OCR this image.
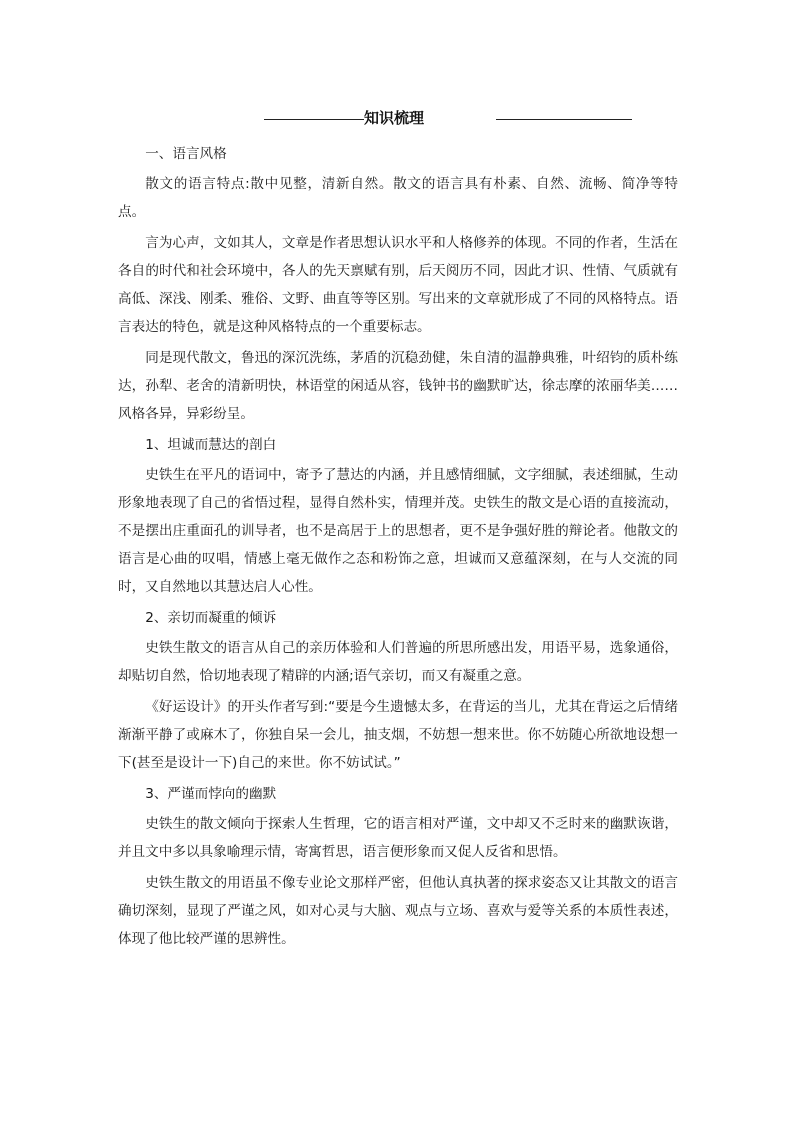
知识梳理
一、语言风格

散文的语言特点:散中见整，清新自然。散文的语言具有朴素、自然、流畅、简净等特点。

言为心声，文如其人，文章是作者思想认识水平和人格修养的体现。不同的作者，生活在各自的时代和社会环境中，各人的先天禀赋有别，后天阅历不同，因此才识、性情、气质就有高低、深浅、刚柔、雅俗、文野、曲直等等区别。写出来的文章就形成了不同的风格特点。语言表达的特色，就是这种风格特点的一个重要标志。

同是现代散文，鲁迅的深沉洗练，茅盾的沉稳劲健，朱自清的温静典雅，叶绍钧的质朴练达，孙犁、老舍的清新明快，林语堂的闲适从容，钱钟书的幽默旷达，徐志摩的浓丽华美……风格各异，异彩纷呈。

1、坦诚而慧达的剖白

史铁生在平凡的语词中，寄予了慧达的内涵，并且感情细腻，文字细腻，表述细腻，生动形象地表现了自己的省悟过程，显得自然朴实，情理并茂。史铁生的散文是心语的直接流动，不是摆出庄重面孔的训导者，也不是高居于上的思想者，更不是争强好胜的辩论者。他散文的语言是心曲的叹唱，情感上毫无做作之态和粉饰之意，坦诚而又意蕴深刻，在与人交流的同时，又自然地以其慧达启人心性。

2、亲切而凝重的倾诉

史铁生散文的语言从自己的亲历体验和人们普遍的所思所感出发，用语平易，选象通俗，却贴切自然，恰切地表现了精辟的内涵;语气亲切，而又有凝重之意。

《好运设计》的开头作者写到:“要是今生遗憾太多，在背运的当儿，尤其在背运之后情绪渐渐平静了或麻木了，你独自呆一会儿，抽支烟，不妨想一想来世。你不妨随心所欲地设想一下(甚至是设计一下)自己的来世。你不妨试试。”

3、严谨而悖向的幽默

史铁生的散文倾向于探索人生哲理，它的语言相对严谨，文中却又不乏时来的幽默诙谐，并且文中多以具象喻理示情，寄寓哲思，语言便形象而又促人反省和思悟。

史铁生散文的用语虽不像专业论文那样严密，但他认真执著的探求姿态又让其散文的语言确切深刻，显现了严谨之风，如对心灵与大脑、观点与立场、喜欢与爱等关系的本质性表述，体现了他比较严谨的思辨性。
